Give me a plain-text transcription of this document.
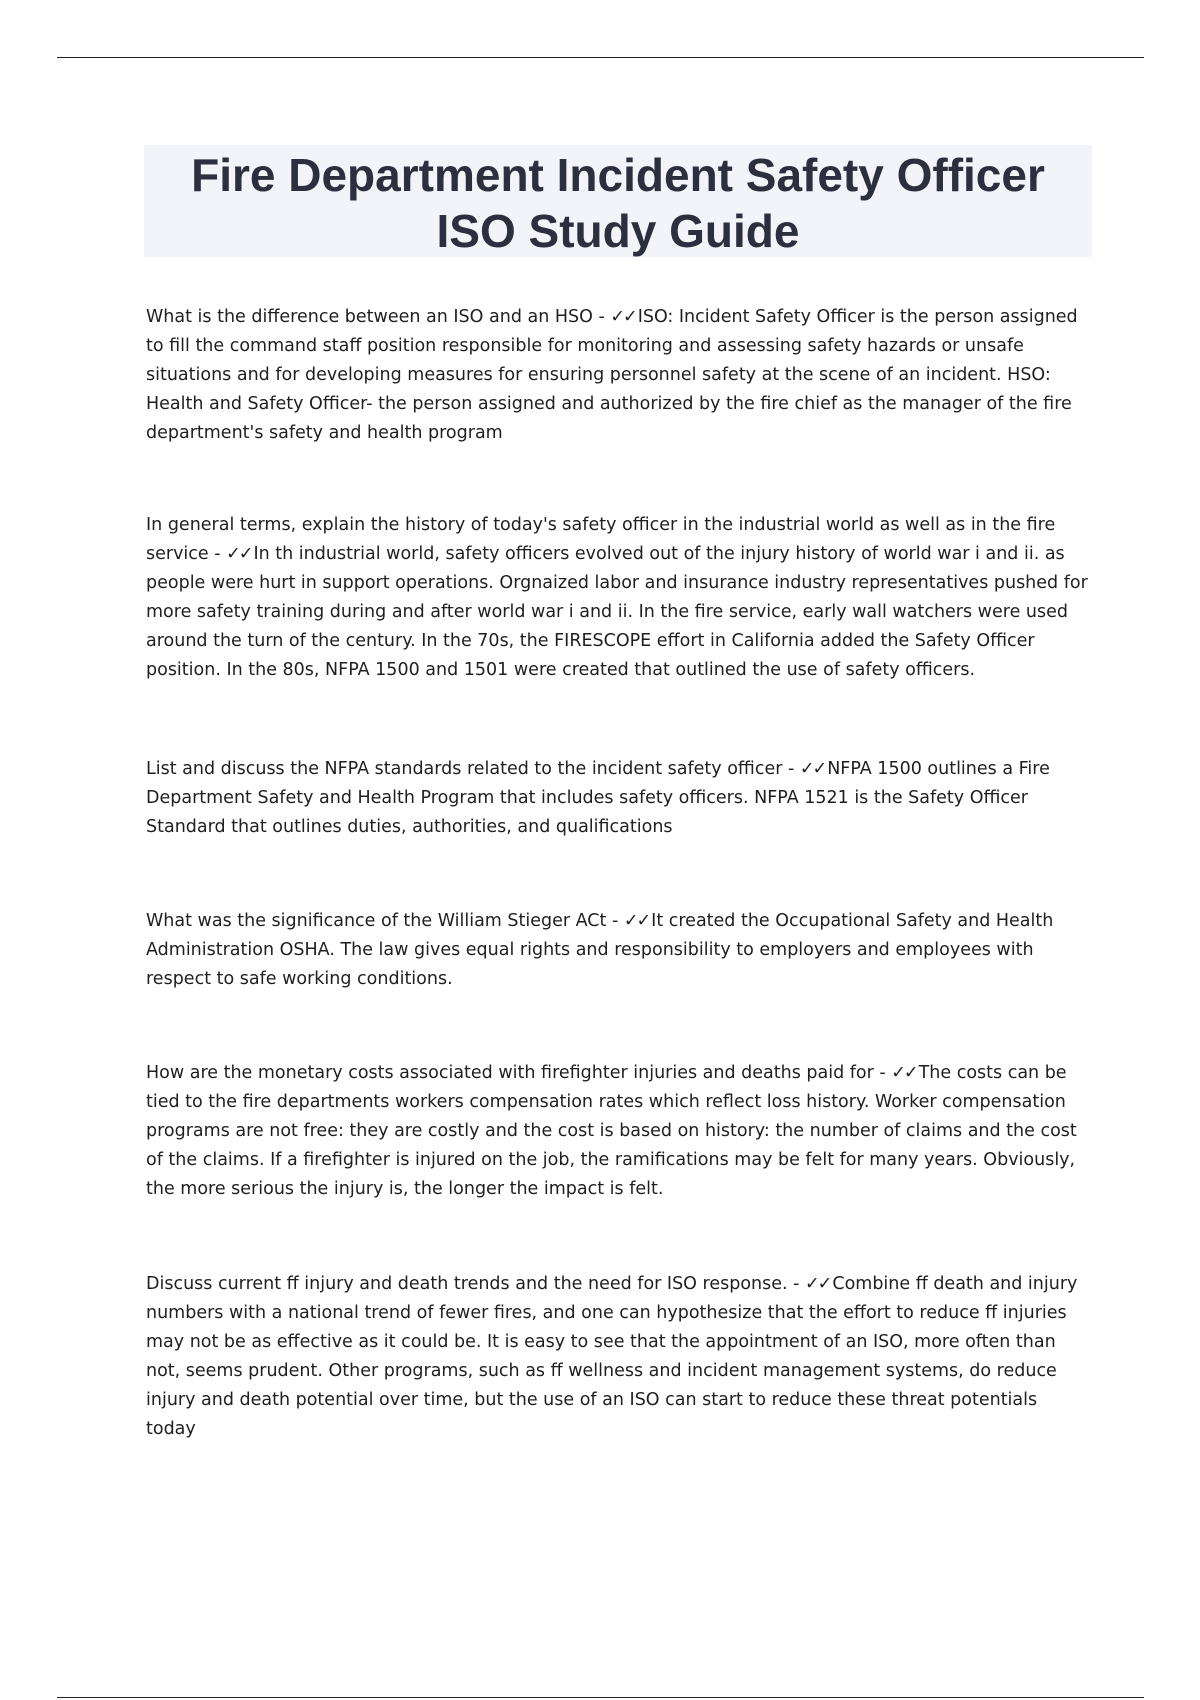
Fire Department Incident Safety Officer
ISO Study Guide

What is the difference between an ISO and an HSO - ✓✓ ISO: Incident Safety Officer is the person assigned to fill the command staff position responsible for monitoring and assessing safety hazards or unsafe situations and for developing measures for ensuring personnel safety at the scene of an incident. HSO: Health and Safety Officer- the person assigned and authorized by the fire chief as the manager of the fire department's safety and health program

In general terms, explain the history of today's safety officer in the industrial world as well as in the fire service - ✓✓ In th industrial world, safety officers evolved out of the injury history of world war i and ii. as people were hurt in support operations. Orgnaized labor and insurance industry representatives pushed for more safety training during and after world war i and ii. In the fire service, early wall watchers were used around the turn of the century. In the 70s, the FIRESCOPE effort in California added the Safety Officer position. In the 80s, NFPA 1500 and 1501 were created that outlined the use of safety officers.

List and discuss the NFPA standards related to the incident safety officer - ✓✓ NFPA 1500 outlines a Fire Department Safety and Health Program that includes safety officers. NFPA 1521 is the Safety Officer Standard that outlines duties, authorities, and qualifications

What was the significance of the William Stieger ACt - ✓✓ It created the Occupational Safety and Health Administration OSHA. The law gives equal rights and responsibility to employers and employees with respect to safe working conditions.

How are the monetary costs associated with firefighter injuries and deaths paid for - ✓✓ The costs can be tied to the fire departments workers compensation rates which reflect loss history. Worker compensation programs are not free: they are costly and the cost is based on history: the number of claims and the cost of the claims. If a firefighter is injured on the job, the ramifications may be felt for many years. Obviously, the more serious the injury is, the longer the impact is felt.

Discuss current ff injury and death trends and the need for ISO response. - ✓✓ Combine ff death and injury numbers with a national trend of fewer fires, and one can hypothesize that the effort to reduce ff injuries may not be as effective as it could be. It is easy to see that the appointment of an ISO, more often than not, seems prudent. Other programs, such as ff wellness and incident management systems, do reduce injury and death potential over time, but the use of an ISO can start to reduce these threat potentials today
